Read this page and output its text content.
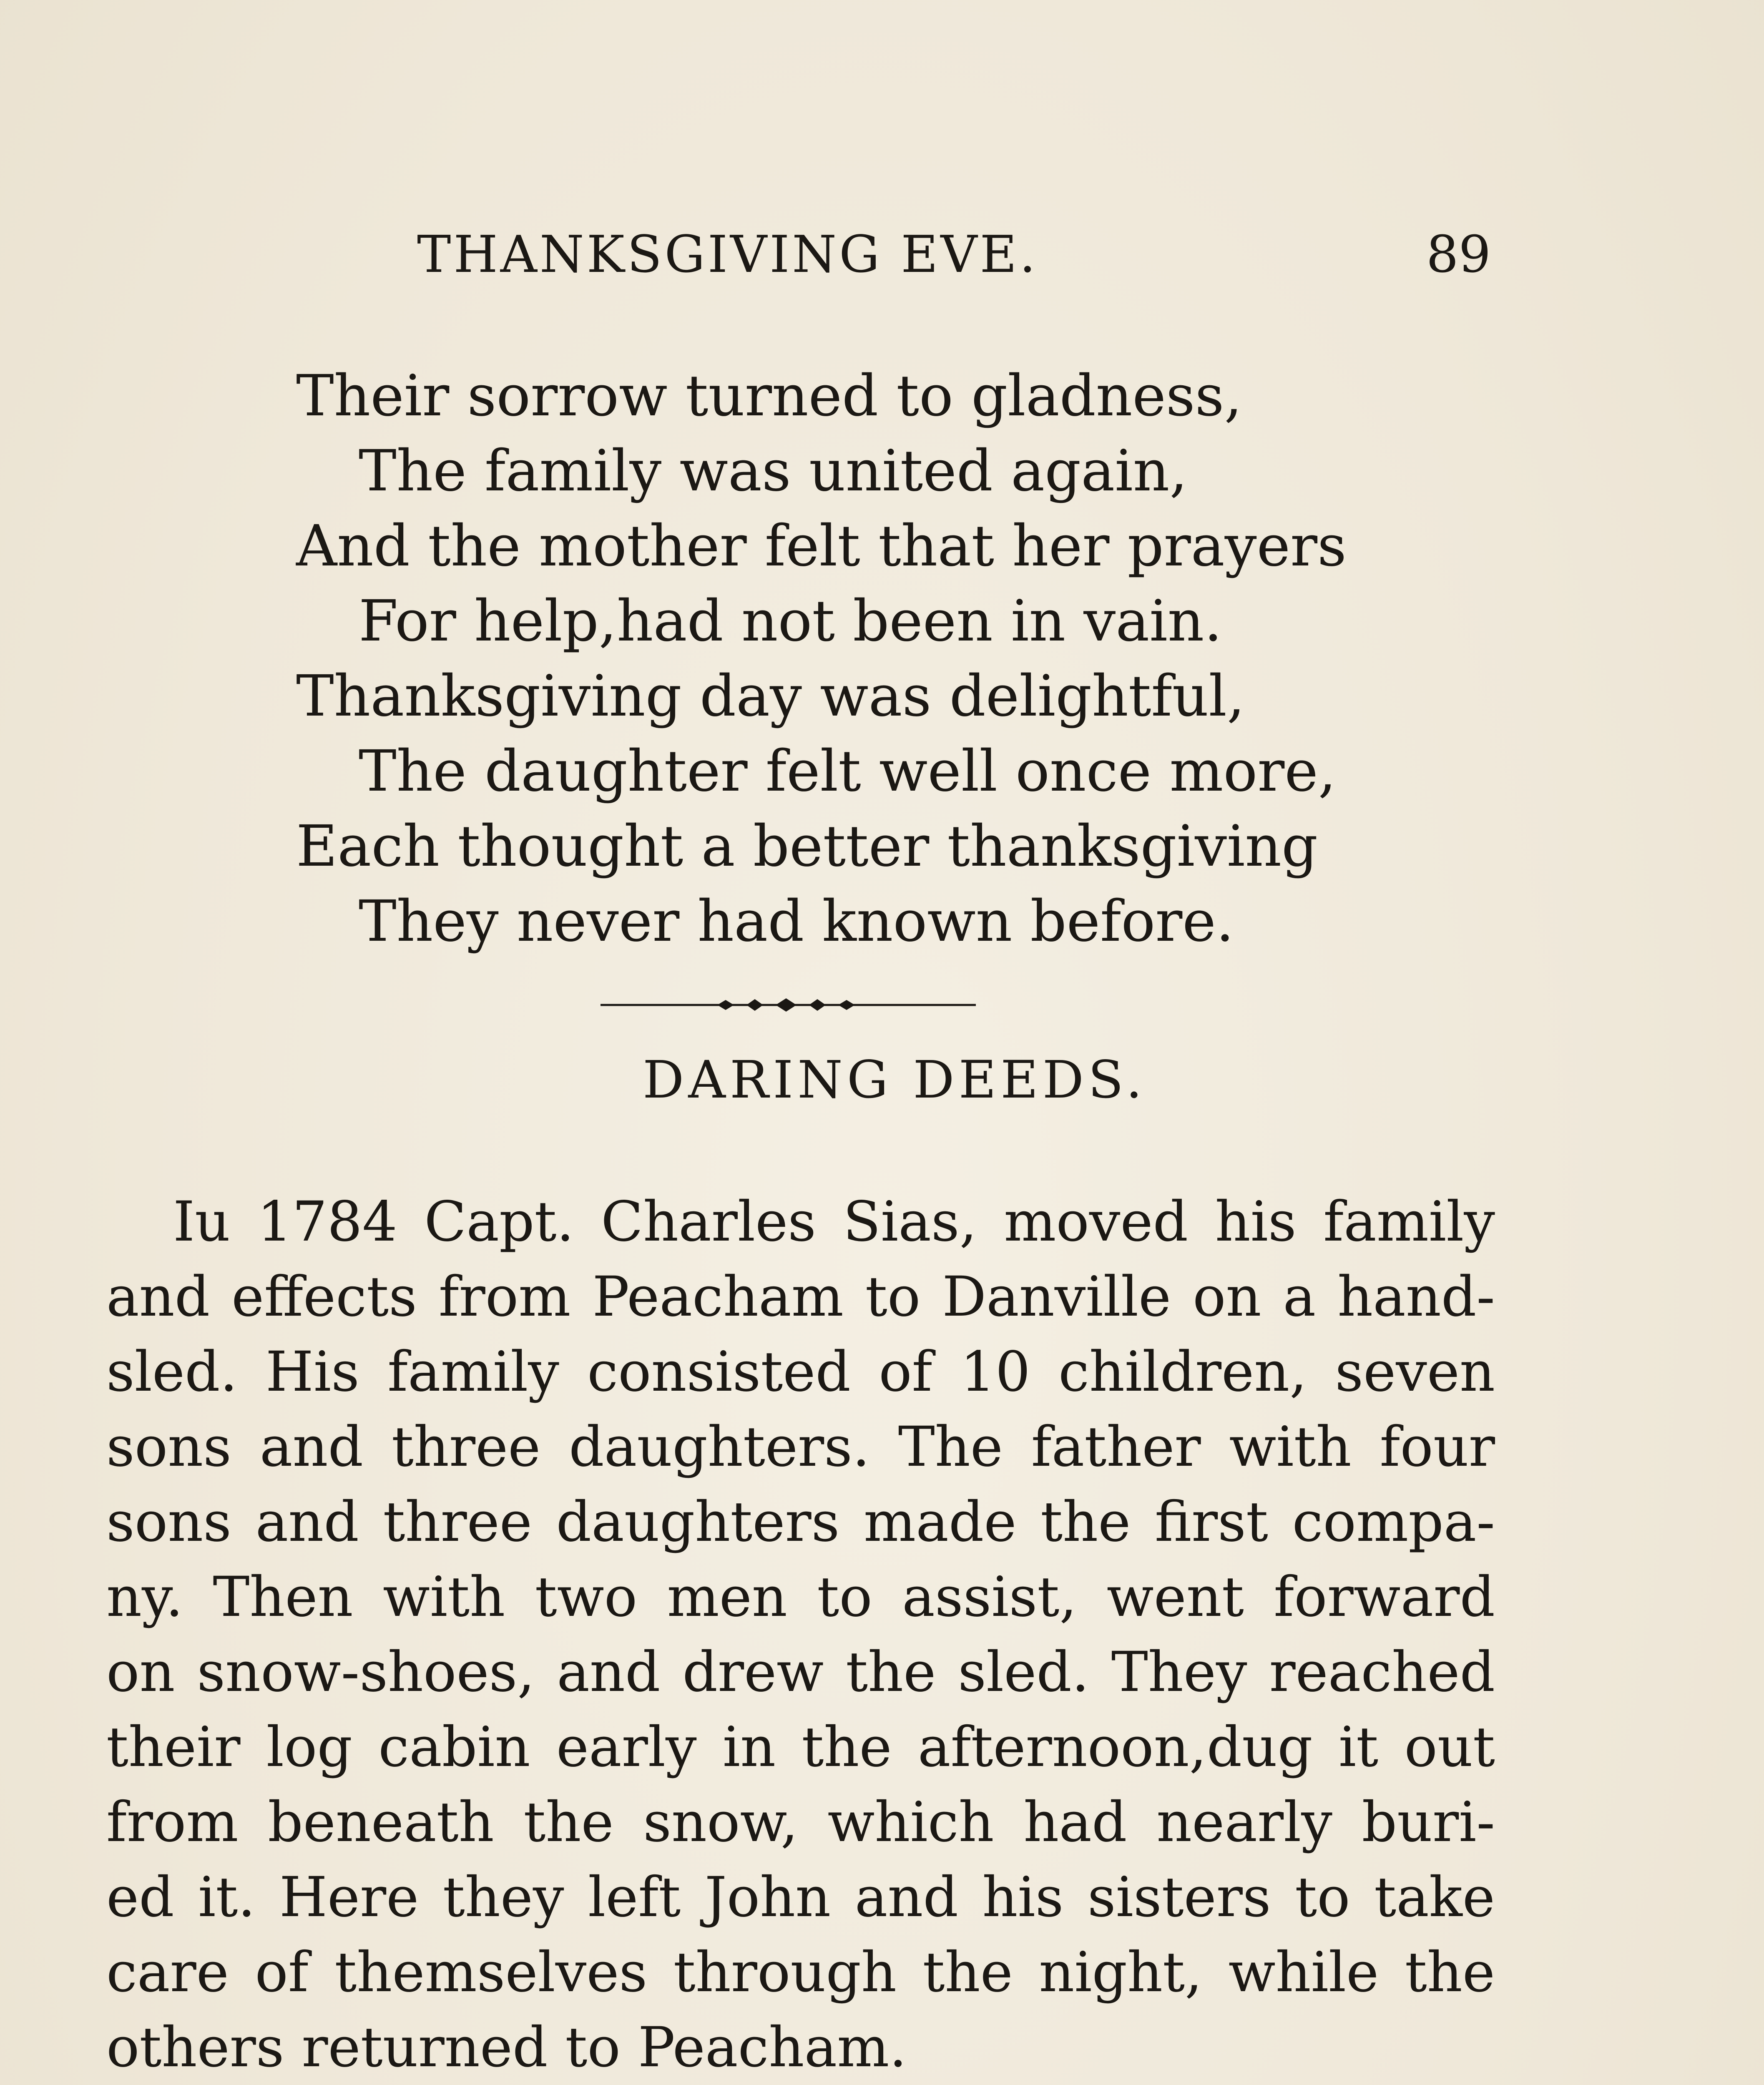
THANKSGIVING EVE.	89
Their sorrow turned to gladness,
The family was united again,
And the mother felt that her prayers
For help,had not been in vain.
Thanksgiving day was delightful,
The daughter felt well once more,
Each thought a better thanksgiving
They never had known before.
DARING DEEDS.
Iu 1784 Capt. Charles Sias, moved his family
and effects from Peacham to Danville on a hand-
sled. His family consisted of 10 children, seven
sons and three daughters. The father with four
sons and three daughters made the first compa-
ny. Then with two men to assist, went forward
on snow-shoes, and drew the sled. They reached
their log cabin early in the afternoon,dug it out
from beneath the snow, which had nearly buri-
ed it. Here they left John and his sisters to take
care of themselves through the night, while the
others returned to Peacham.
